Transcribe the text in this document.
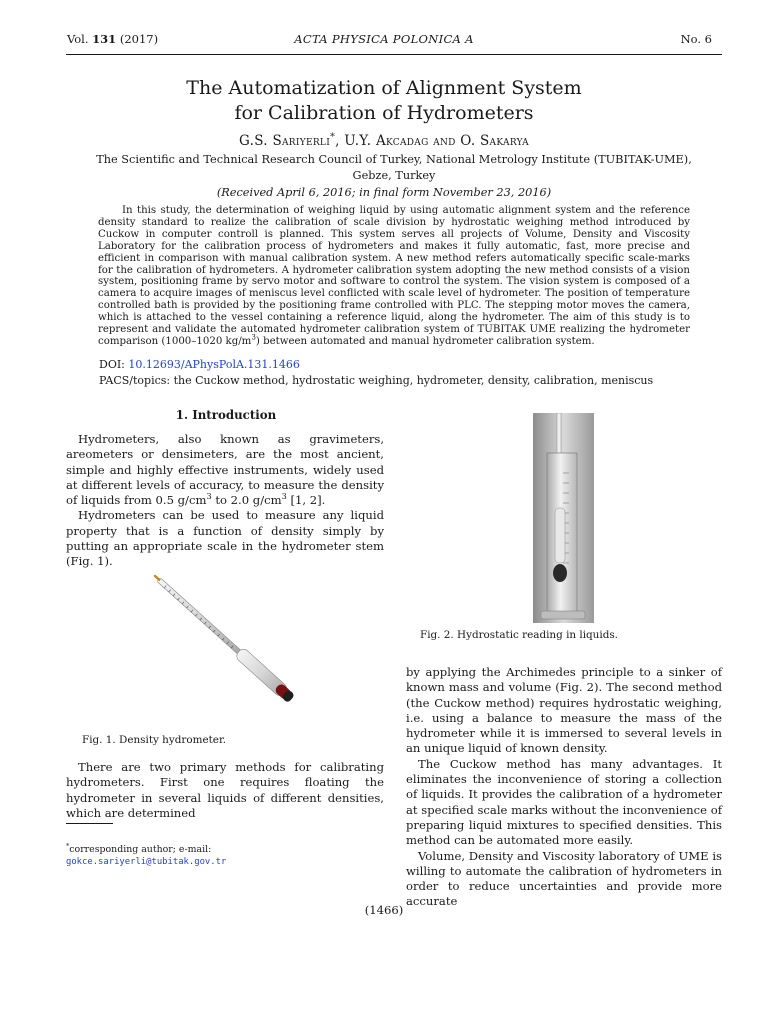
Vol. 131 (2017)	ACTA PHYSICA POLONICA A	No. 6
The Automatization of Alignment System
for Calibration of Hydrometers
G.S. Sariyerli*, U.Y. Akcadag and O. Sakarya
The Scientific and Technical Research Council of Turkey, National Metrology Institute (TUBITAK-UME),
Gebze, Turkey
(Received April 6, 2016; in final form November 23, 2016)

In this study, the determination of weighing liquid by using automatic alignment system and the reference density standard to realize the calibration of scale division by hydrostatic weighing method introduced by Cuckow in computer controll is planned. This system serves all projects of Volume, Density and Viscosity Laboratory for the calibration process of hydrometers and makes it fully automatic, fast, more precise and efficient in comparison with manual calibration system. A new method refers automatically specific scale-marks for the calibration of hydrometers. A hydrometer calibration system adopting the new method consists of a vision system, positioning frame by servo motor and software to control the system. The vision system is composed of a camera to acquire images of meniscus level conflicted with scale level of hydrometer. The position of temperature controlled bath is provided by the positioning frame controlled with PLC. The stepping motor moves the camera, which is attached to the vessel containing a reference liquid, along the hydrometer. The aim of this study is to represent and validate the automated hydrometer calibration system of TUBITAK UME realizing the hydrometer comparison (1000–1020 $kg/m^3$) between automated and manual hydrometer calibration system.

DOI: 10.12693/APhysPolA.131.1466
PACS/topics: the Cuckow method, hydrostatic weighing, hydrometer, density, calibration, meniscus
1. Introduction

Hydrometers, also known as gravimeters, areometers or densimeters, are the most ancient, simple and highly effective instruments, widely used at different levels of accuracy, to measure the density of liquids from 0.5 $g/cm^3$ to 2.0 $g/cm^3$ [1, 2].

Hydrometers can be used to measure any liquid property that is a function of density simply by putting an appropriate scale in the hydrometer stem (Fig. 1).

Fig. 1. Density hydrometer.

There are two primary methods for calibrating hydrometers. First one requires floating the hydrometer in several liquids of different densities, which are determined

*corresponding author; e-mail:
gokce.sariyerli@tubitak.gov.tr
Fig. 2. Hydrostatic reading in liquids.

by applying the Archimedes principle to a sinker of known mass and volume (Fig. 2). The second method (the Cuckow method) requires hydrostatic weighing, i.e. using a balance to measure the mass of the hydrometer while it is immersed to several levels in an unique liquid of known density.

The Cuckow method has many advantages. It eliminates the inconvenience of storing a collection of liquids. It provides the calibration of a hydrometer at specified scale marks without the inconvenience of preparing liquid mixtures to specified densities. This method can be automated more easily.

Volume, Density and Viscosity laboratory of UME is willing to automate the calibration of hydrometers in order to reduce uncertainties and provide more accurate

(1466)
